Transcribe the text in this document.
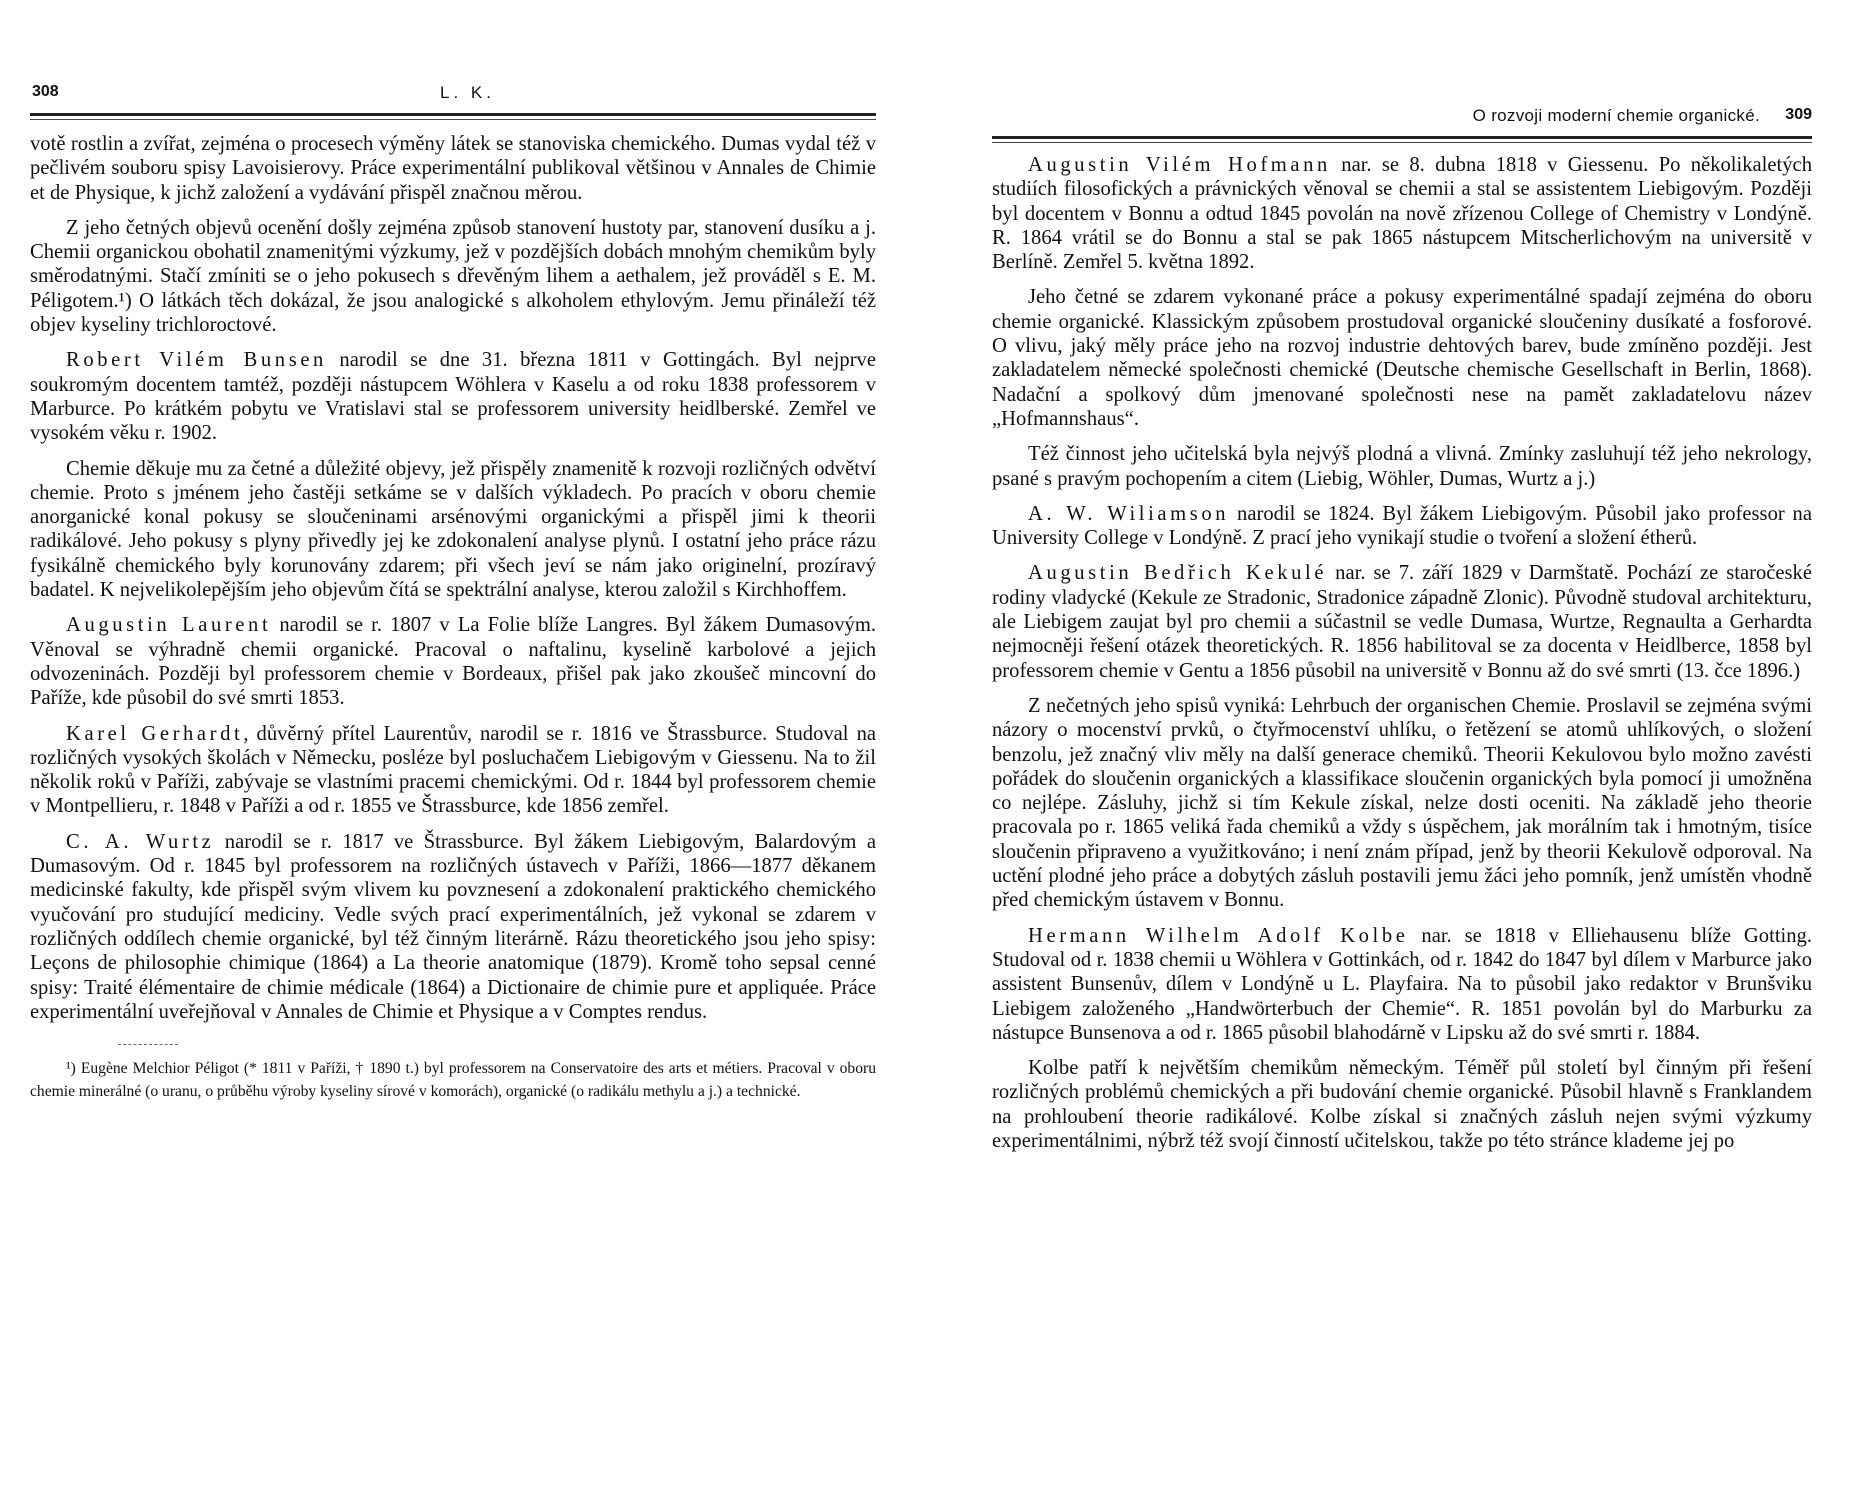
308	L. K.

votě rostlin a zvířat, zejména o procesech výměny látek se stanoviska chemického. Dumas vydal též v pečlivém souboru spisy Lavoisierovy. Práce experimentální publikoval většinou v Annales de Chimie et de Physique, k jichž založení a vydávání přispěl značnou měrou.

Z jeho četných objevů ocenění došly zejména způsob stanovení hustoty par, stanovení dusíku a j. Chemii organickou obohatil znamenitými výzkumy, jež v pozdějších dobách mnohým chemikům byly směrodatnými. Stačí zmíniti se o jeho pokusech s dřevěným lihem a aethalem, jež prováděl s E. M. Péligotem.¹) O látkách těch dokázal, že jsou analogické s alkoholem ethylovým. Jemu přináleží též objev kyseliny trichloroctové.

Robert Vilém Bunsen narodil se dne 31. března 1811 v Gottingách. Byl nejprve soukromým docentem tamtéž, později nástupcem Wöhlera v Kaselu a od roku 1838 professorem v Marburce. Po krátkém pobytu ve Vratislavi stal se professorem university heidlberské. Zemřel ve vysokém věku r. 1902.

Chemie děkuje mu za četné a důležité objevy, jež přispěly znamenitě k rozvoji rozličných odvětví chemie. Proto s jménem jeho častěji setkáme se v dalších výkladech. Po pracích v oboru chemie anorganické konal pokusy se sloučeninami arsénovými organickými a přispěl jimi k theorii radikálové. Jeho pokusy s plyny přivedly jej ke zdokonalení analyse plynů. I ostatní jeho práce rázu fysikálně chemického byly korunovány zdarem; při všech jeví se nám jako originelní, prozíravý badatel. K nejvelikolepějším jeho objevům čítá se spektrální analyse, kterou založil s Kirchhoffem.

Augustin Laurent narodil se r. 1807 v La Folie blíže Langres. Byl žákem Dumasovým. Věnoval se výhradně chemii organické. Pracoval o naftalinu, kyselině karbolové a jejich odvozeninách. Později byl professorem chemie v Bordeaux, přišel pak jako zkoušeč mincovní do Paříže, kde působil do své smrti 1853.

Karel Gerhardt, důvěrný přítel Laurentův, narodil se r. 1816 ve Štrassburce. Studoval na rozličných vysokých školách v Německu, posléze byl posluchačem Liebigovým v Giessenu. Na to žil několik roků v Paříži, zabývaje se vlastními pracemi chemickými. Od r. 1844 byl professorem chemie v Montpellieru, r. 1848 v Paříži a od r. 1855 ve Štrassburce, kde 1856 zemřel.

C. A. Wurtz narodil se r. 1817 ve Štrassburce. Byl žákem Liebigovým, Balardovým a Dumasovým. Od r. 1845 byl professorem na rozličných ústavech v Paříži, 1866—1877 děkanem medicinské fakulty, kde přispěl svým vlivem ku povznesení a zdokonalení praktického chemického vyučování pro studující mediciny. Vedle svých prací experimentálních, jež vykonal se zdarem v rozličných oddílech chemie organické, byl též činným literárně. Rázu theoretického jsou jeho spisy: Leçons de philosophie chimique (1864) a La theorie anatomique (1879). Kromě toho sepsal cenné spisy: Traité élémentaire de chimie médicale (1864) a Dictionaire de chimie pure et appliquée. Práce experimentální uveřejňoval v Annales de Chimie et Physique a v Comptes rendus.

¹) Eugène Melchior Péligot (* 1811 v Paříži, † 1890 t.) byl professorem na Conservatoire des arts et métiers. Pracoval v oboru chemie minerálné (o uranu, o průběhu výroby kyseliny sírové v komorách), organické (o radikálu methylu a j.) a technické.

O rozvoji moderní chemie organické. 309

Augustin Vilém Hofmann nar. se 8. dubna 1818 v Giessenu. Po několikaletých studiích filosofických a právnických věnoval se chemii a stal se assistentem Liebigovým. Později byl docentem v Bonnu a odtud 1845 povolán na nově zřízenou College of Chemistry v Londýně. R. 1864 vrátil se do Bonnu a stal se pak 1865 nástupcem Mitscherlichovým na universitě v Berlíně. Zemřel 5. května 1892.

Jeho četné se zdarem vykonané práce a pokusy experimentálné spadají zejména do oboru chemie organické. Klassickým způsobem prostudoval organické sloučeniny dusíkaté a fosforové. O vlivu, jaký měly práce jeho na rozvoj industrie dehtových barev, bude zmíněno později. Jest zakladatelem německé společnosti chemické (Deutsche chemische Gesellschaft in Berlin, 1868). Nadační a spolkový dům jmenované společnosti nese na pamět zakladatelovu název „Hofmannshaus“.

Též činnost jeho učitelská byla nejvýš plodná a vlivná. Zmínky zasluhují též jeho nekrology, psané s pravým pochopením a citem (Liebig, Wöhler, Dumas, Wurtz a j.)

A. W. Wiliamson narodil se 1824. Byl žákem Liebigovým. Působil jako professor na University College v Londýně. Z prací jeho vynikají studie o tvoření a složení étherů.

Augustin Bedřich Kekulé nar. se 7. září 1829 v Darmštatě. Pochází ze staročeské rodiny vladycké (Kekule ze Stradonic, Stradonice západně Zlonic). Původně studoval architekturu, ale Liebigem zaujat byl pro chemii a súčastnil se vedle Dumasa, Wurtze, Regnaulta a Gerhardta nejmocněji řešení otázek theoretických. R. 1856 habilitoval se za docenta v Heidlberce, 1858 byl professorem chemie v Gentu a 1856 působil na universitě v Bonnu až do své smrti (13. čce 1896.)

Z nečetných jeho spisů vyniká: Lehrbuch der organischen Chemie. Proslavil se zejména svými názory o mocenství prvků, o čtyřmocenství uhlíku, o řetězení se atomů uhlíkových, o složení benzolu, jež značný vliv měly na další generace chemiků. Theorii Kekulovou bylo možno zavésti pořádek do sloučenin organických a klassifikace sloučenin organických byla pomocí ji umožněna co nejlépe. Zásluhy, jichž si tím Kekule získal, nelze dosti oceniti. Na základě jeho theorie pracovala po r. 1865 veliká řada chemiků a vždy s úspěchem, jak morálním tak i hmotným, tisíce sloučenin připraveno a využitkováno; i není znám případ, jenž by theorii Kekulově odporoval. Na uctění plodné jeho práce a dobytých zásluh postavili jemu žáci jeho pomník, jenž umístěn vhodně před chemickým ústavem v Bonnu.

Hermann Wilhelm Adolf Kolbe nar. se 1818 v Elliehausenu blíže Gotting. Studoval od r. 1838 chemii u Wöhlera v Gottinkách, od r. 1842 do 1847 byl dílem v Marburce jako assistent Bunsenův, dílem v Londýně u L. Playfaira. Na to působil jako redaktor v Brunšviku Liebigem založeného „Handwörterbuch der Chemie“. R. 1851 povolán byl do Marburku za nástupce Bunsenova a od r. 1865 působil blahodárně v Lipsku až do své smrti r. 1884.

Kolbe patří k největším chemikům německým. Téměř půl století byl činným při řešení rozličných problémů chemických a při budování chemie organické. Působil hlavně s Franklandem na prohloubení theorie radikálové. Kolbe získal si značných zásluh nejen svými výzkumy experimentálnimi, nýbrž též svojí činností učitelskou, takže po této stránce klademe jej po
